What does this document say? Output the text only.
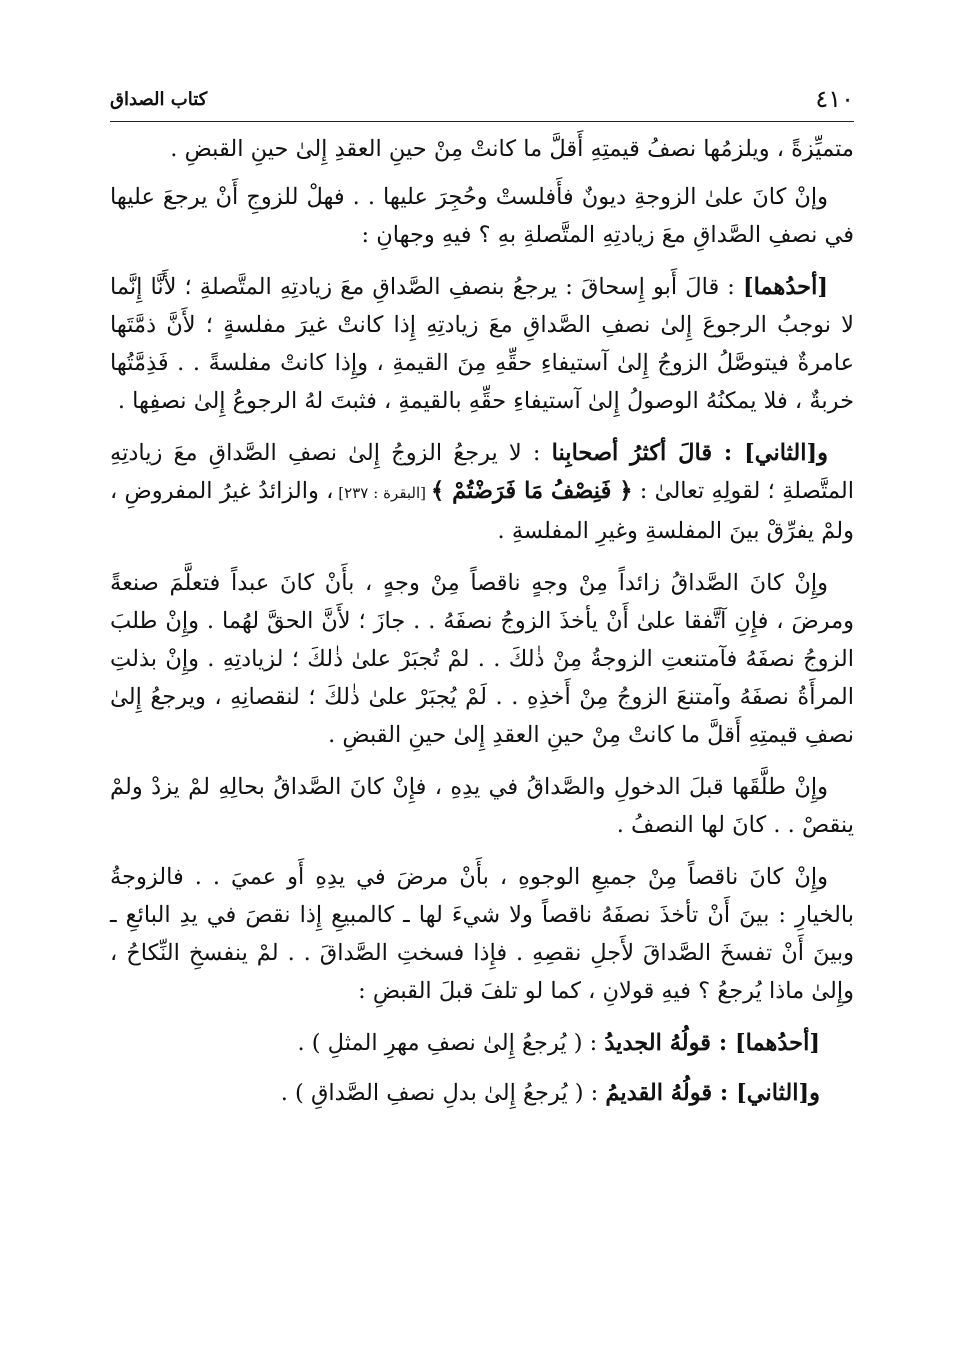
٤١٠
كتاب الصداق

متميِّزةً ، ويلزمُها نصفُ قيمتِهِ أَقلَّ ما كانتْ مِنْ حينِ العقدِ إِلىٰ حينِ القبضِ .

وإنْ كانَ علىٰ الزوجةِ ديونٌ فأَفلستْ وحُجِرَ عليها . . فهلْ للزوجِ أَنْ يرجعَ عليها في نصفِ الصَّداقِ معَ زيادتِهِ المتَّصلةِ بهِ ؟ فيهِ وجهانِ :

[أحدُهما] : قالَ أَبو إِسحاقَ : يرجعُ بنصفِ الصَّداقِ معَ زيادتِهِ المتَّصلةِ ؛ لأَنَّا إِنَّما لا نوجبُ الرجوعَ إِلىٰ نصفِ الصَّداقِ معَ زيادتِهِ إِذا كانتْ غيرَ مفلسةٍ ؛ لأَنَّ ذمَّتَها عامرةٌ فيتوصَّلُ الزوجُ إِلىٰ آستيفاءِ حقِّهِ مِنَ القيمةِ ، وإِذا كانتْ مفلسةً . . فَذِمَّتُها خربةٌ ، فلا يمكنُهُ الوصولُ إِلىٰ آستيفاءِ حقِّهِ بالقيمةِ ، فثبتَ لهُ الرجوعُ إِلىٰ نصفِها .

و[الثاني] : قالَ أكثرُ أصحابِنا : لا يرجعُ الزوجُ إِلىٰ نصفِ الصَّداقِ معَ زيادتِهِ المتَّصلةِ ؛ لقولِهِ تعالىٰ : ﴿ فَنِصْفُ مَا فَرَضْتُمْ ﴾ [البقرة : ٢٣٧] ، والزائدُ غيرُ المفروضِ ، ولمْ يفرِّقْ بينَ المفلسةِ وغيرِ المفلسةِ .

وإِنْ كانَ الصَّداقُ زائداً مِنْ وجهٍ ناقصاً مِنْ وجهٍ ، بأَنْ كانَ عبداً فتعلَّمَ صنعةً ومرضَ ، فإِنِ آتَّفقا علىٰ أَنْ يأخذَ الزوجُ نصفَهُ . . جازَ ؛ لأَنَّ الحقَّ لهُما . وإِنْ طلبَ الزوجُ نصفَهُ فآمتنعتِ الزوجةُ مِنْ ذٰلكَ . . لمْ تُجبَرْ علىٰ ذٰلكَ ؛ لزيادتِهِ . وإِنْ بذلتِ المرأَةُ نصفَهُ وآمتنعَ الزوجُ مِنْ أَخذِهِ . . لَمْ يُجبَرْ علىٰ ذٰلكَ ؛ لنقصانِهِ ، ويرجعُ إِلىٰ نصفِ قيمتِهِ أَقلَّ ما كانتْ مِنْ حينِ العقدِ إِلىٰ حينِ القبضِ .

وإِنْ طلَّقَها قبلَ الدخولِ والصَّداقُ في يدِهِ ، فإِنْ كانَ الصَّداقُ بحالِهِ لمْ يزدْ ولمْ ينقصْ . . كانَ لها النصفُ .

وإِنْ كانَ ناقصاً مِنْ جميعِ الوجوهِ ، بأَنْ مرضَ في يدِهِ أَو عميَ . . فالزوجةُ بالخيارِ : بينَ أَنْ تأخذَ نصفَهُ ناقصاً ولا شيءَ لها ـ كالمبيعِ إِذا نقصَ في يدِ البائعِ ـ وبينَ أَنْ تفسخَ الصَّداقَ لأَجلِ نقصِهِ . فإِذا فسختِ الصَّداقَ . . لمْ ينفسخِ النِّكاحُ ، وإِلىٰ ماذا يُرجعُ ؟ فيهِ قولانِ ، كما لو تلفَ قبلَ القبضِ :

[أحدُهما] : قولُهُ الجديدُ : ( يُرجعُ إِلىٰ نصفِ مهرِ المثلِ ) .

و[الثاني] : قولُهُ القديمُ : ( يُرجعُ إِلىٰ بدلِ نصفِ الصَّداقِ ) .
